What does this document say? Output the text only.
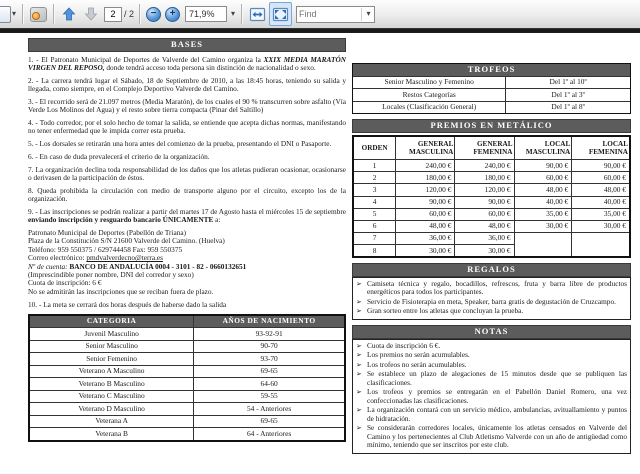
▾
2	/ 2 − + 71,9% ▾
Find	▾
BASES

1. - El Patronato Municipal de Deportes de Valverde del Camino organiza la XXIX MEDIA MARATÓN VIRGEN DEL REPOSO, donde tendrá acceso toda persona sin distinción de nacionalidad o sexo.

2. - La carrera tendrá lugar el Sábado, 18 de Septiembre de 2010, a las 18:45 horas, teniendo su salida y llegada, como siempre, en el Complejo Deportivo Valverde del Camino.

3. - El recorrido será de 21.097 metros (Media Maratón), de los cuales el 90 % transcurren sobre asfalto (Vía Verde Los Molinos del Agua) y el resto sobre tierra compacta (Pinar del Saltillo)

4. - Todo corredor, por el solo hecho de tomar la salida, se entiende que acepta dichas normas, manifestando no tener enfermedad que le impida correr esta prueba.

5. - Los dorsales se retirarán una hora antes del comienzo de la prueba, presentando el DNI o Pasaporte.

6. - En caso de duda prevalecerá el criterio de la organización.

7. La organización declina toda responsabilidad de los daños que los atletas pudieran ocasionar, ocasionarse o derivasen de la participación de éstos.

8. Queda prohibida la circulación con medio de transporte alguno por el circuito, excepto los de la organización.

9. - Las inscripciones se podrán realizar a partir del martes 17 de Agosto hasta el miércoles 15 de septiembre enviando inscripción y resguardo bancario ÚNICAMENTE a:

Patronato Municipal de Deportes (Pabellón de Triana)
Plaza de la Constitución S/N 21600 Valverde del Camino. (Huelva)
Teléfono: 959 550375 / 629744458 Fax: 959 550375
Correo electrónico: pmdvalverdecno@terra.es
Nº de cuenta: BANCO DE ANDALUCÍA 0004 - 3101 - 82 - 0660132651
(Imprescindible poner nombre, DNI del corredor y sexo)
Cuota de inscripción: 6 €
No se admitirán las inscripciones que se reciban fuera de plazo.

10. - La meta se cerrará dos horas después de haberse dado la salida

CATEGORIA	AÑOS DE NACIMIENTO
Juvenil Masculino	93-92-91
Senior Masculino	90-70
Senior Femenino	93-70
Veterano A Masculino	69-65
Veterano B Masculino	64-60
Veterano C Masculino	59-55
Veterano D Masculino	54 - Anteriores
Veterana A	69-65
Veterana B	64 - Anteriores
TROFEOS
Senior Masculino y Femenino	Del 1º al 10º
Restos Categorías	Del 1º al 3º
Locales (Clasificación General)	Del 1º al 8º
PREMIOS EN METÁLICO
ORDEN
GENERAL MASCULINA
GENERAL FEMENINA
LOCAL MASCULINA
LOCAL FEMENINA
1	240,00 €	240,00 €	90,00 €	90,00 €
2	180,00 €	180,00 €	60,00 €	60,00 €
3	120,00 €	120,00 €	48,00 €	48,00 €
4	90,00 €	90,00 €	40,00 €	40,00 €
5	60,00 €	60,00 €	35,00 €	35,00 €
6	48,00 €	48,00 €	30,00 €	30,00 €
7	36,00 €	36,00 €
8	30,00 €	30,00 €
REGALOS
➢ Camiseta técnica y regalo, bocadillos, refrescos, fruta y barra libre de productos energéticos para todos los participantes.
➢ Servicio de Fisioterapia en meta, Speaker, barra gratis de degustación de Cruzcampo.
➢ Gran sorteo entre los atletas que concluyan la prueba.
NOTAS
➢ Cuota de inscripción 6 €.
➢ Los premios no serán acumulables.
➢ Los trofeos no serán acumulables.
➢ Se establece un plazo de alegaciones de 15 minutos desde que se publiquen las clasificaciones.
➢ Los trofeos y premios se entregarán en el Pabellón Daniel Romero, una vez confeccionadas las clasificaciones.
➢ La organización contará con un servicio médico, ambulancias, avituallamiento y puntos de hidratación.
➢ Se considerarán corredores locales, únicamente los atletas censados en Valverde del Camino y los pertenecientes al Club Atletismo Valverde con un año de antigüedad como mínimo, teniendo que ser inscritos por este club.
